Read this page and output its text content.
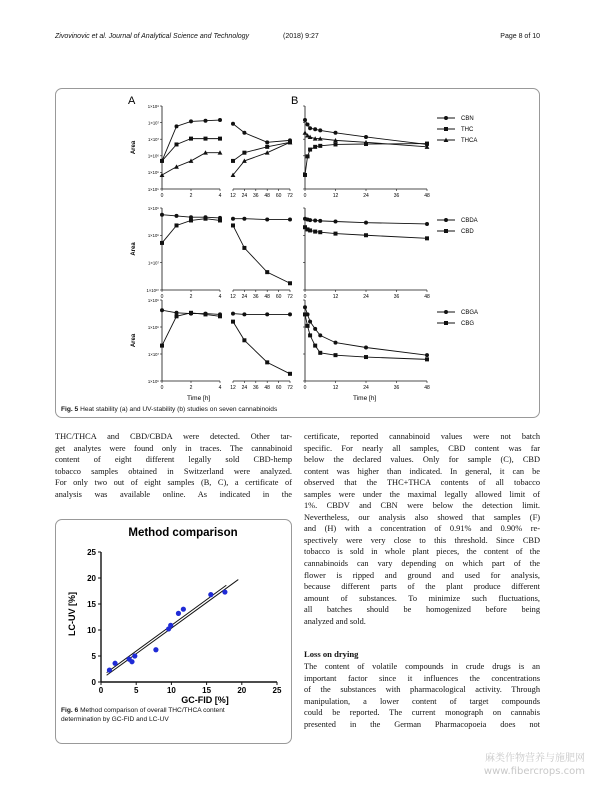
Zivovinovic et al. Journal of Analytical Science and Technology	(2018) 9:27	Page 8 of 10
A	B
Time [h]	Time [h]
Area
1×10⁵
1×10⁶
1×10⁶
1×10⁷
1×10⁷
1×10⁸
0	2	4 12 24 36 48 60 72 0	12	24	36	48
CBN
THC
THCA
Area
1×10¹⁰
1×10⁷
1×10⁶
1×10⁶
0	2	4 12 24 36 48 60 72 0	12	24	36	48
CBDA
CBD
Area
1×10⁶
1×10⁷
1×10⁶
1×10⁶
0	2	4 12 24 36 48 60 72 0	12	24	36	48
CBGA
CBG
Fig. 5 Heat stability (a) and UV-stability (b) studies on seven cannabinoids
THC/THCA and CBD/CBDA were detected. Other tar-
get analytes were found only in traces. The cannabinoid
content of eight different legally sold CBD-hemp
tobacco samples obtained in Switzerland were analyzed.
For only two out of eight samples (B, C), a certificate of
analysis was available online. As indicated in the
Method comparison
GC-FID [%]
LC-UV [%]
0	5	10	15	20	25
0
5
10
15
20
25
Fig. 6 Method comparison of overall THC/THCA content
determination by GC-FID and LC-UV
certificate, reported cannabinoid values were not batch
specific. For nearly all samples, CBD content was far
below the declared values. Only for sample (C), CBD
content was higher than indicated. In general, it can be
observed that the THC+THCA contents of all tobacco
samples were under the maximal legally allowed limit of
1%. CBDV and CBN were below the detection limit.
Nevertheless, our analysis also showed that samples (F)
and (H) with a concentration of 0.91% and 0.90% re-
spectively were very close to this threshold. Since CBD
tobacco is sold in whole plant pieces, the content of the
cannabinoids can vary depending on which part of the
flower is ripped and ground and used for analysis,
because different parts of the plant produce different
amount of substances. To minimize such fluctuations,
all batches should be homogenized before being
analyzed and sold.
Loss on drying
The content of volatile compounds in crude drugs is an
important factor since it influences the concentrations
of the substances with pharmacological activity. Through
manipulation, a lower content of target compounds
could be reported. The current monograph on cannabis
presented in the German Pharmacopoeia does not
麻类作物营养与施肥网
www.fibercrops.com
